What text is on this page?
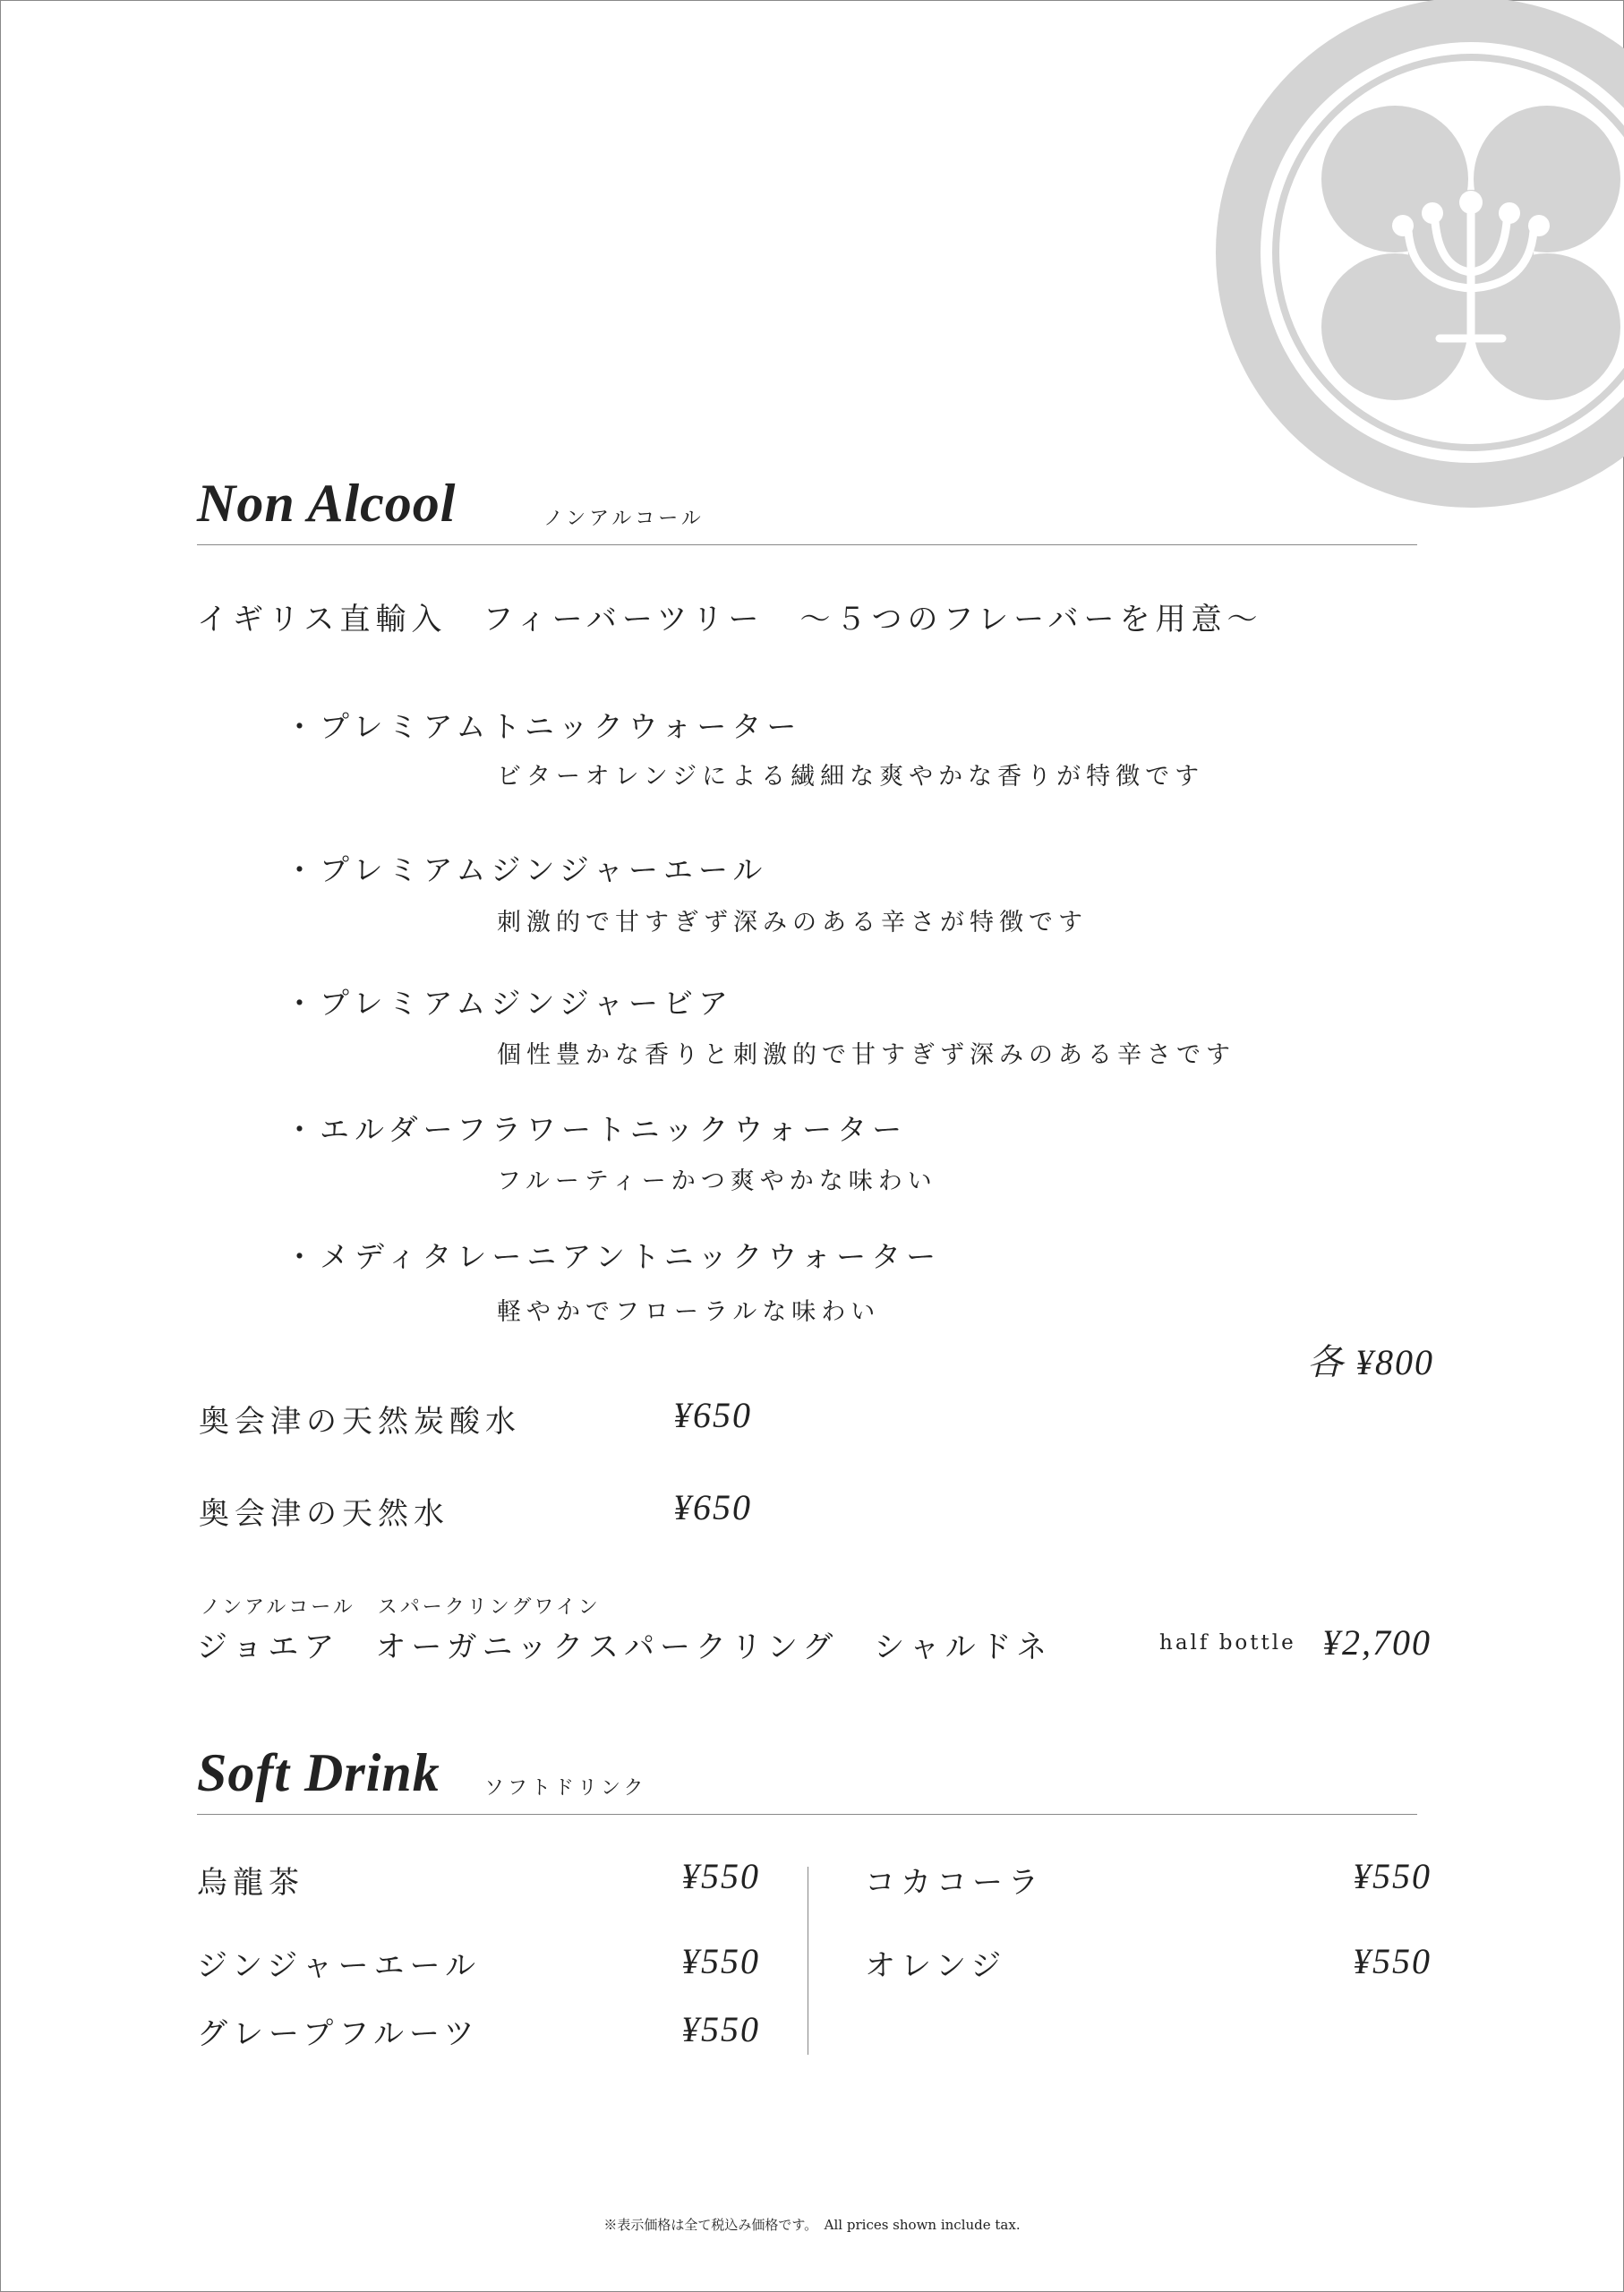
Non Alcool	ノンアルコール
イギリス直輸入　フィーバーツリー　～５つのフレーバーを用意～
・プレミアムトニックウォーター
ビターオレンジによる繊細な爽やかな香りが特徴です
・プレミアムジンジャーエール
刺激的で甘すぎず深みのある辛さが特徴です
・プレミアムジンジャービア
個性豊かな香りと刺激的で甘すぎず深みのある辛さです
・エルダーフラワートニックウォーター
フルーティーかつ爽やかな味わい
・メディタレーニアントニックウォーター
軽やかでフローラルな味わい
各 ¥800
奥会津の天然炭酸水	¥650
奥会津の天然水	¥650
ノンアルコール　スパークリングワイン
ジョエア　オーガニックスパークリング　シャルドネ	half bottle ¥2,700
Soft Drink ソフトドリンク
烏龍茶	¥550
ジンジャーエール	¥550
グレープフルーツ	¥550
コカコーラ	¥550
オレンジ	¥550
※表示価格は全て税込み価格です。　All prices shown include tax.
